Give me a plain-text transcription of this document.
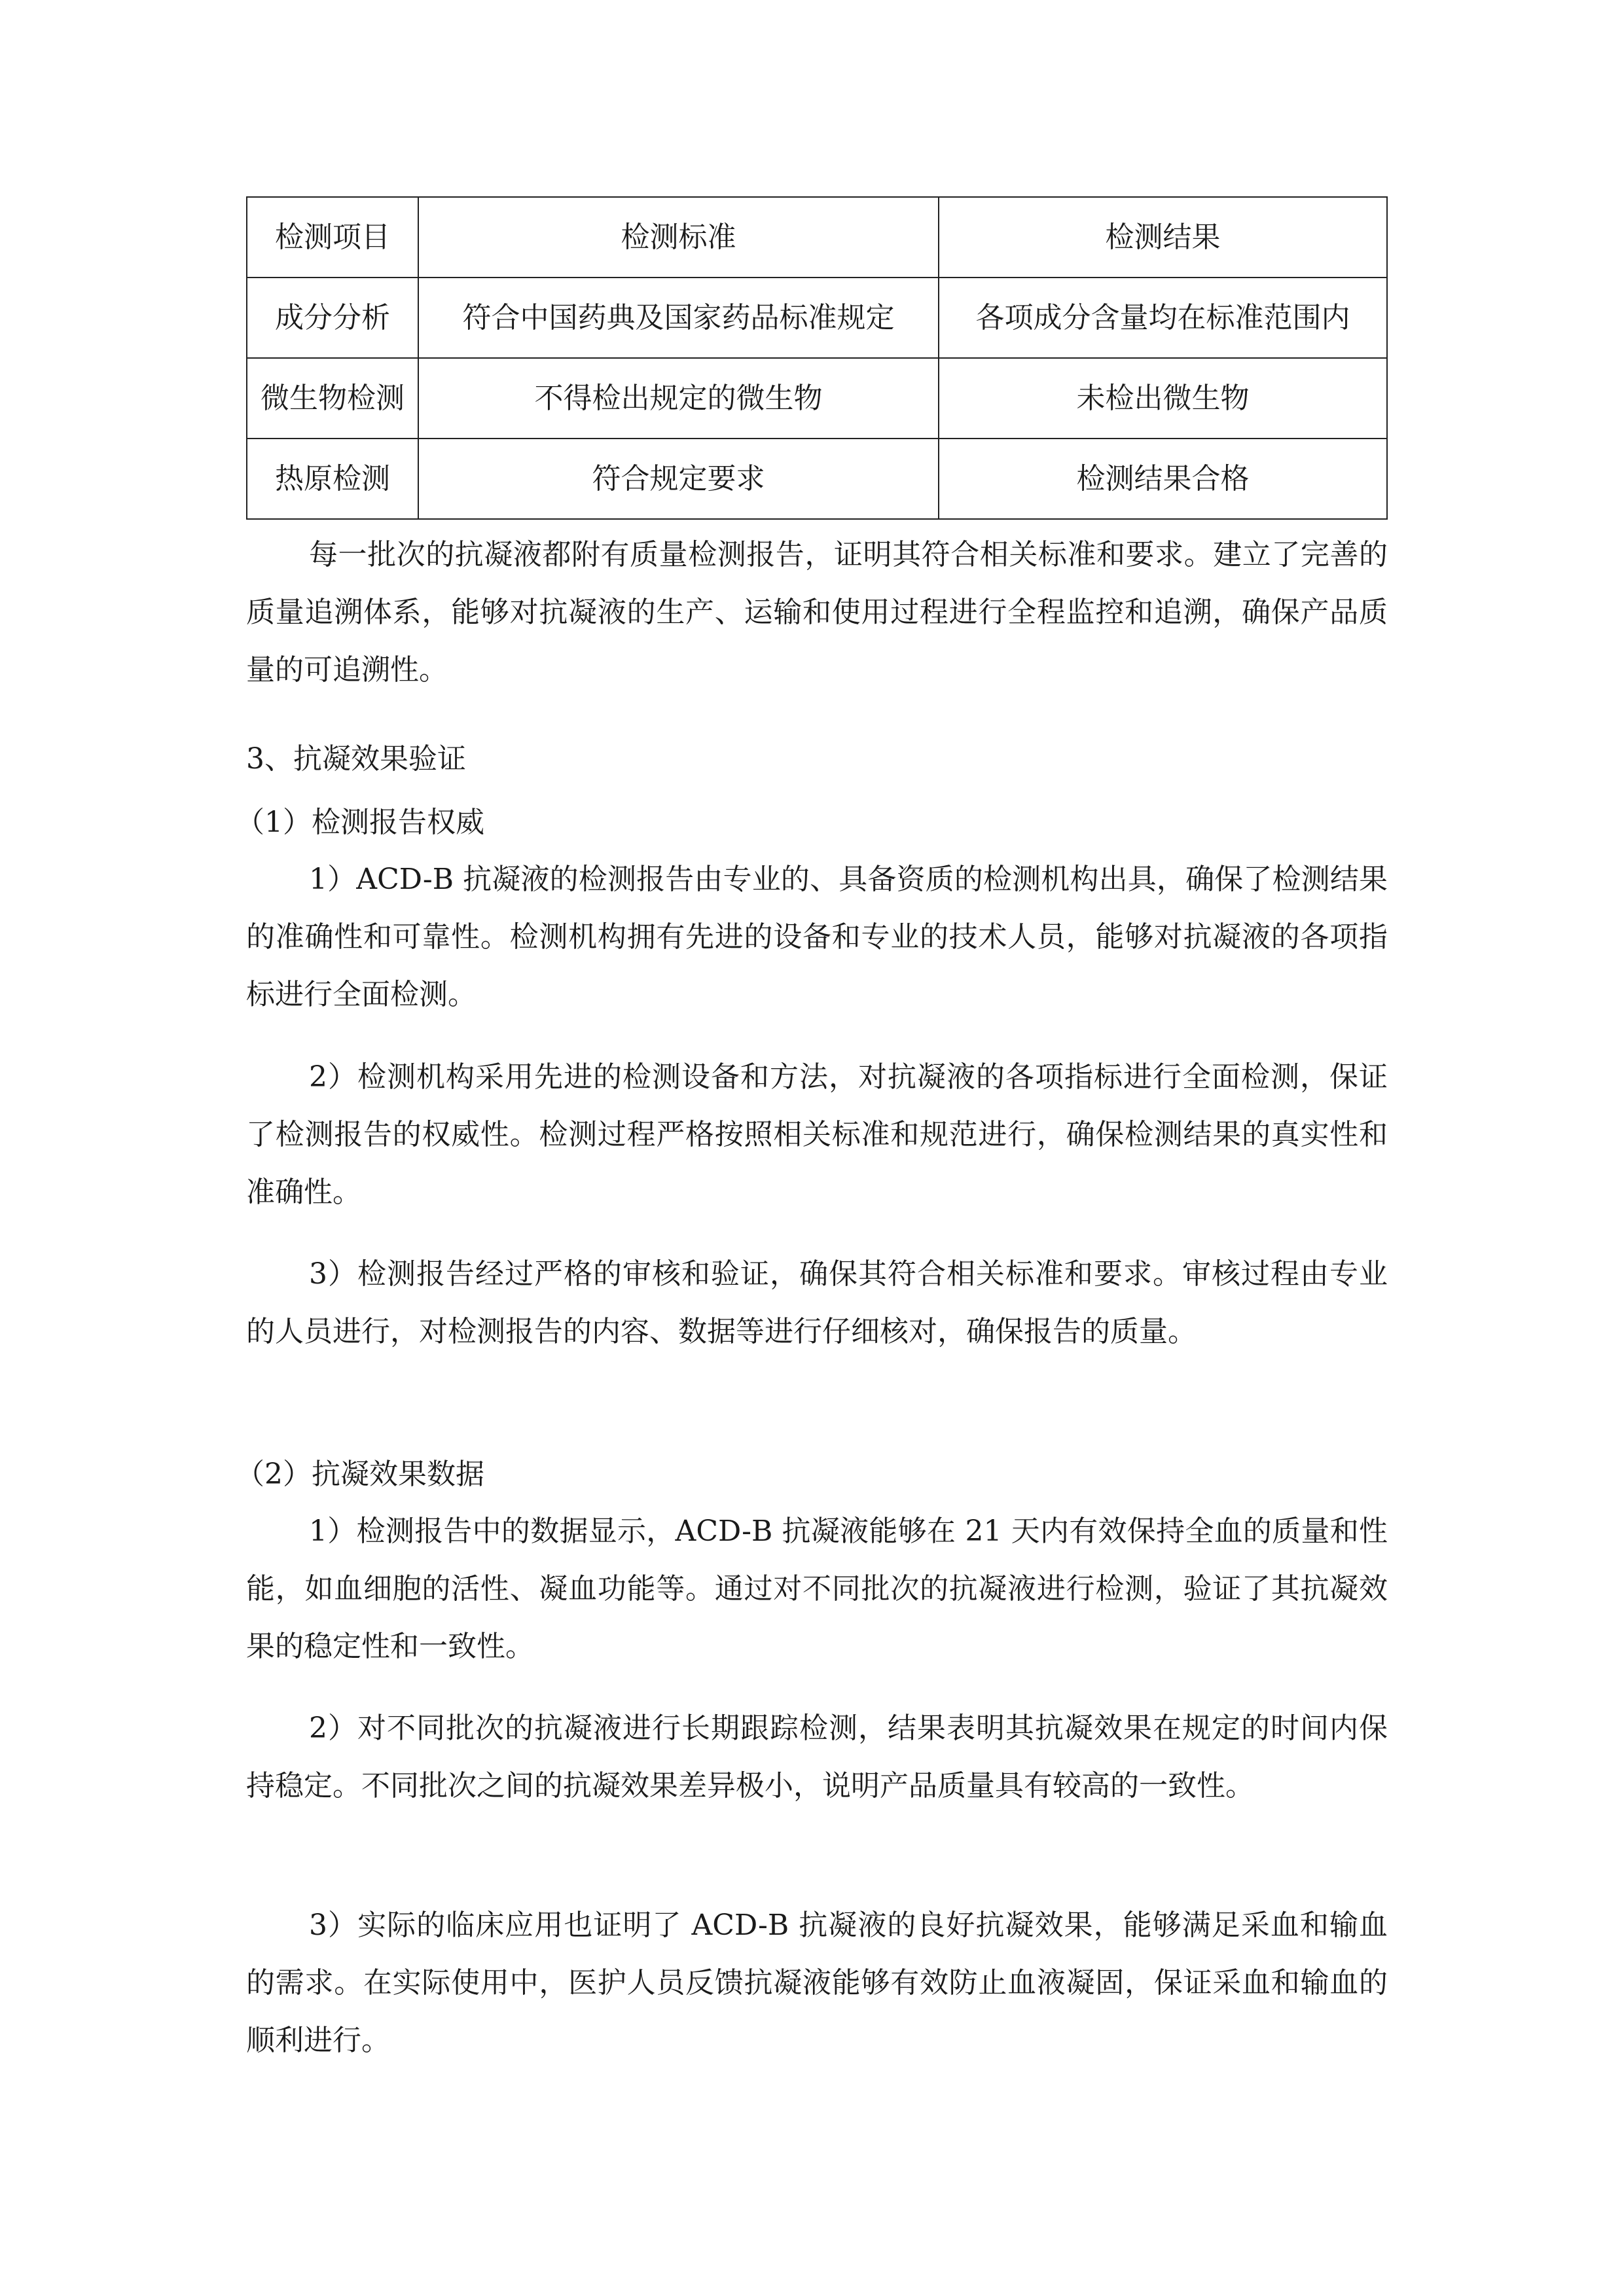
检测项目	检测标准	检测结果
成分分析	符合中国药典及国家药品标准规定	各项成分含量均在标准范围内
微生物检测	不得检出规定的微生物	未检出微生物
热原检测	符合规定要求	检测结果合格

每一批次的抗凝液都附有质量检测报告，证明其符合相关标准和要求。建立了完善的质量追溯体系，能够对抗凝液的生产、运输和使用过程进行全程监控和追溯，确保产品质量的可追溯性。

3、抗凝效果验证

（1）检测报告权威

1）ACD-B 抗凝液的检测报告由专业的、具备资质的检测机构出具，确保了检测结果的准确性和可靠性。检测机构拥有先进的设备和专业的技术人员，能够对抗凝液的各项指标进行全面检测。

2）检测机构采用先进的检测设备和方法，对抗凝液的各项指标进行全面检测，保证了检测报告的权威性。检测过程严格按照相关标准和规范进行，确保检测结果的真实性和准确性。

3）检测报告经过严格的审核和验证，确保其符合相关标准和要求。审核过程由专业的人员进行，对检测报告的内容、数据等进行仔细核对，确保报告的质量。

（2）抗凝效果数据

1）检测报告中的数据显示，ACD-B 抗凝液能够在 21 天内有效保持全血的质量和性能，如血细胞的活性、凝血功能等。通过对不同批次的抗凝液进行检测，验证了其抗凝效果的稳定性和一致性。

2）对不同批次的抗凝液进行长期跟踪检测，结果表明其抗凝效果在规定的时间内保持稳定。不同批次之间的抗凝效果差异极小，说明产品质量具有较高的一致性。

3）实际的临床应用也证明了 ACD-B 抗凝液的良好抗凝效果，能够满足采血和输血的需求。在实际使用中，医护人员反馈抗凝液能够有效防止血液凝固，保证采血和输血的顺利进行。
